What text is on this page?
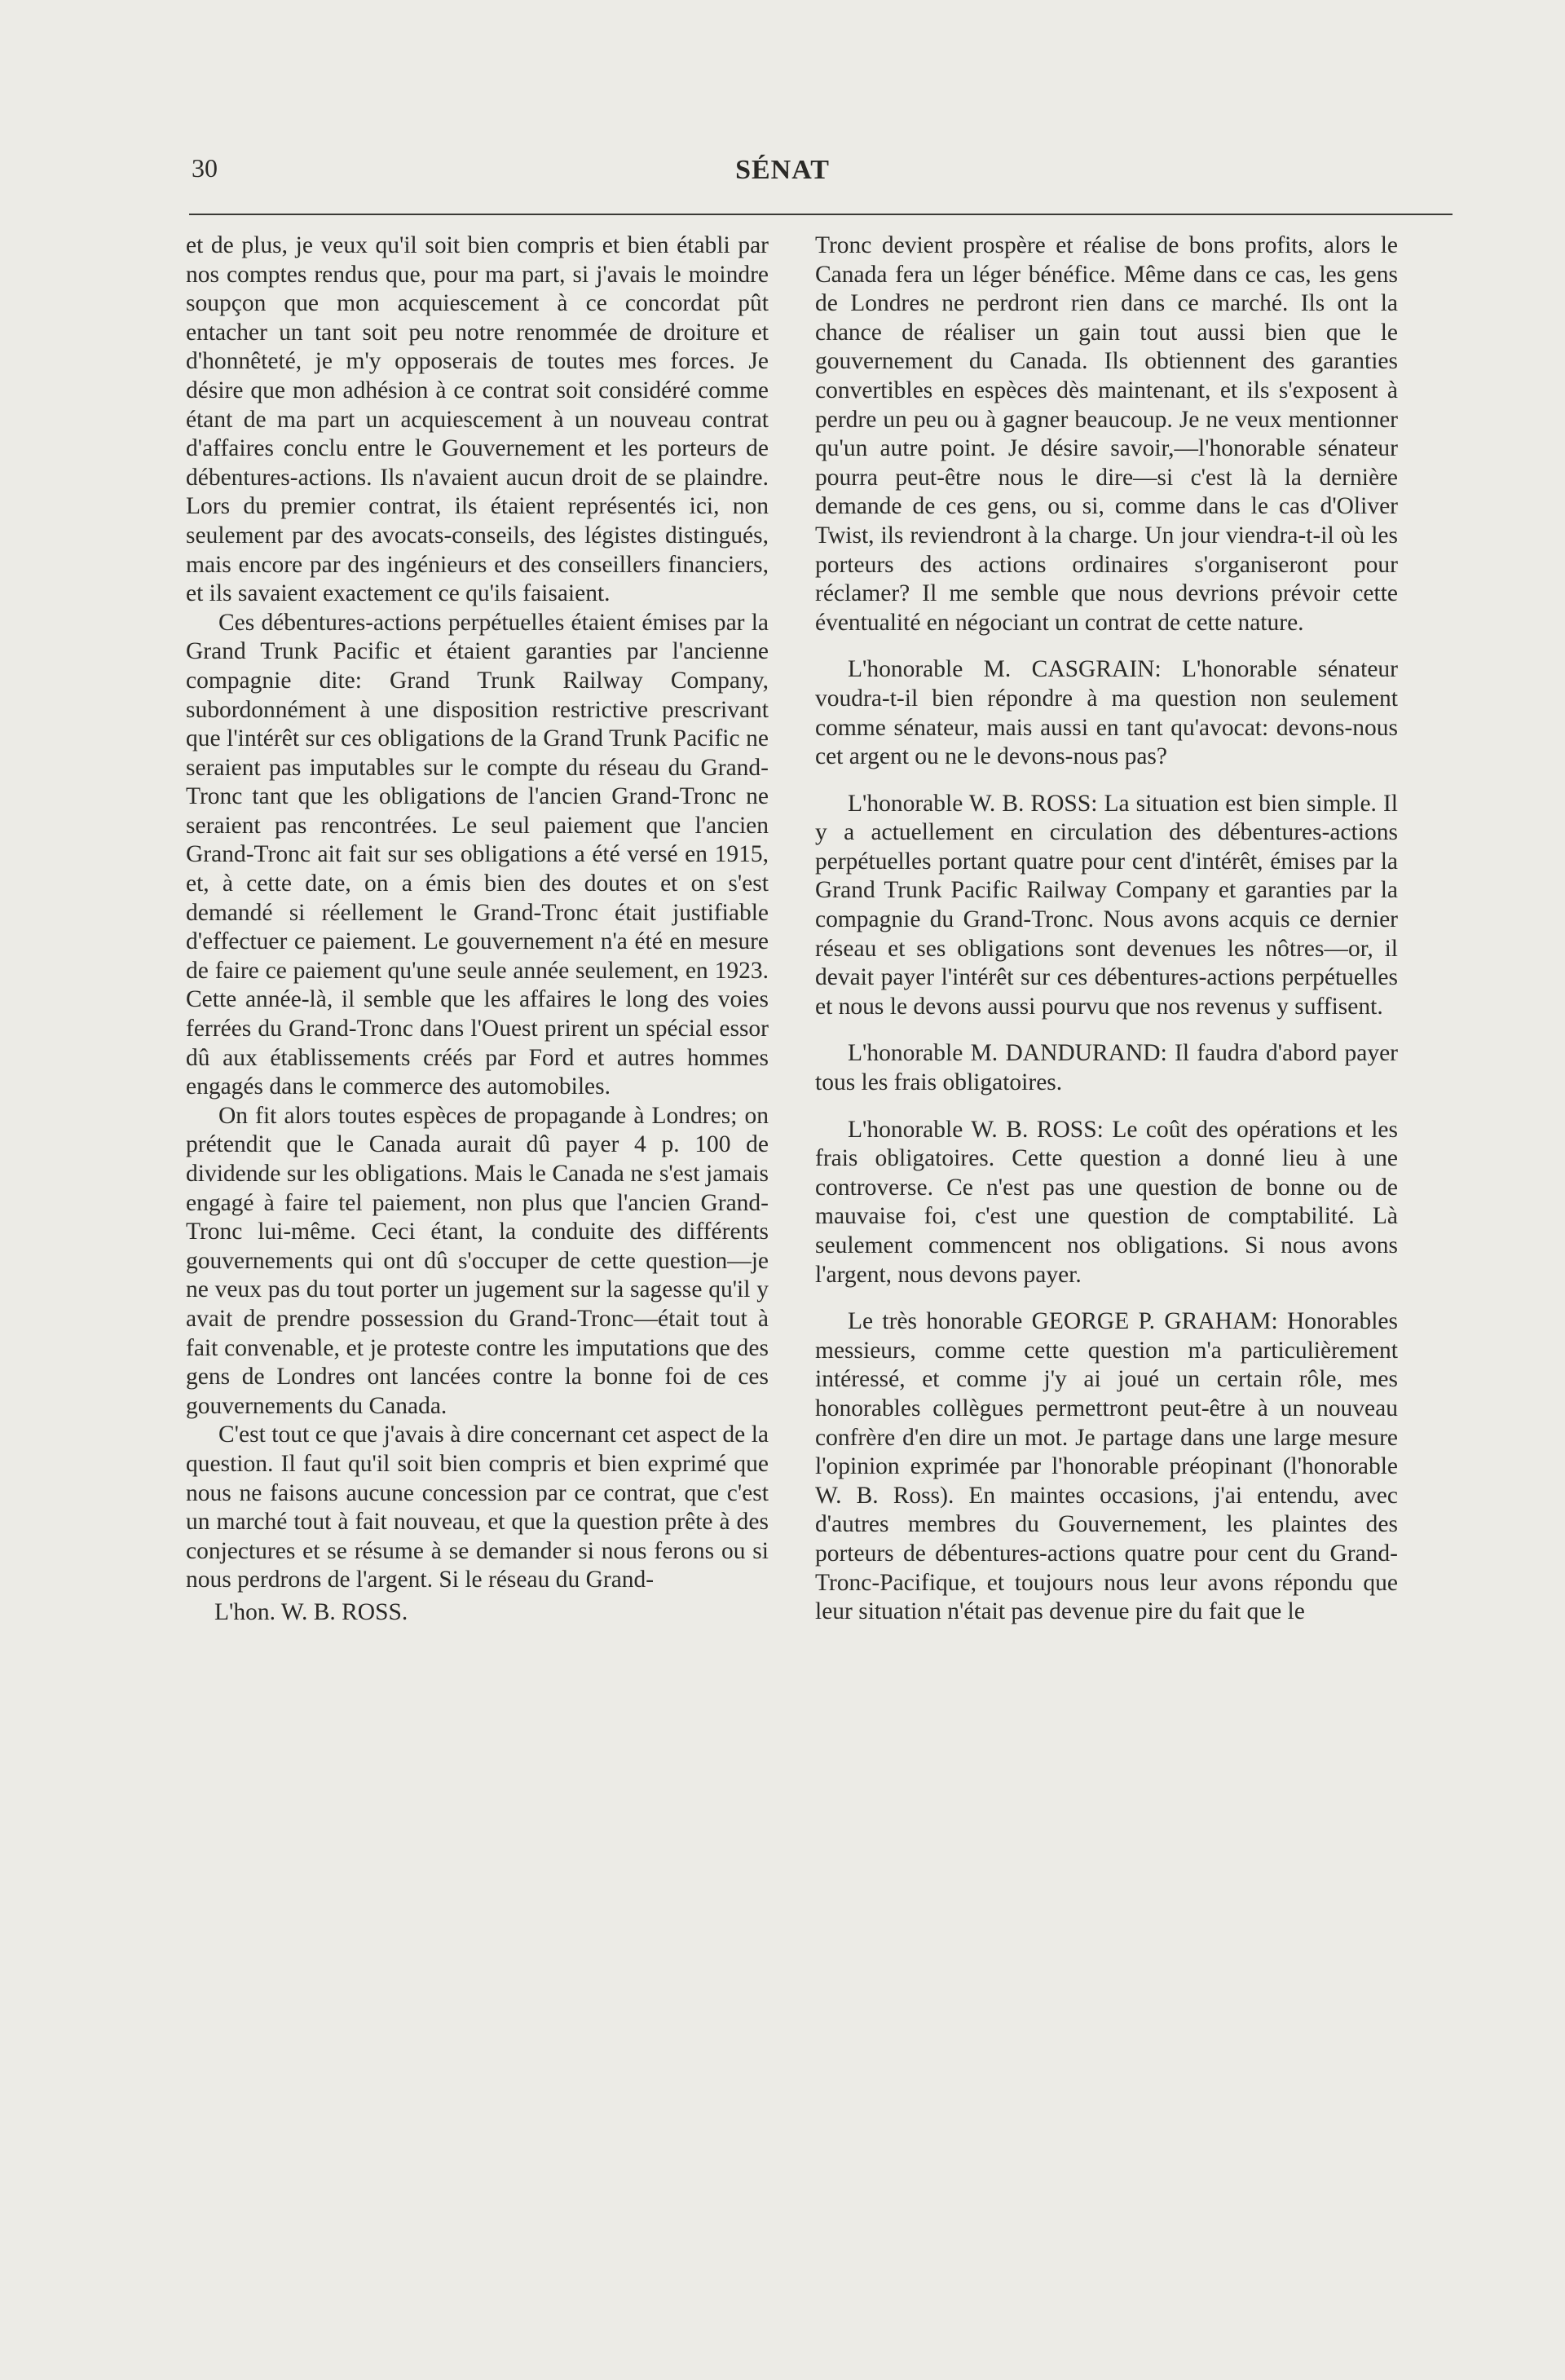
30	SÉNAT

et de plus, je veux qu'il soit bien compris et bien établi par nos comptes rendus que, pour ma part, si j'avais le moindre soupçon que mon acquiescement à ce concordat pût entacher un tant soit peu notre renommée de droiture et d'honnêteté, je m'y opposerais de toutes mes forces. Je désire que mon adhésion à ce contrat soit considéré comme étant de ma part un acquiescement à un nouveau contrat d'affaires conclu entre le Gouvernement et les porteurs de débentures-actions. Ils n'avaient aucun droit de se plaindre. Lors du premier contrat, ils étaient représentés ici, non seulement par des avocats-conseils, des légistes distingués, mais encore par des ingénieurs et des conseillers financiers, et ils savaient exactement ce qu'ils faisaient.

Ces débentures-actions perpétuelles étaient émises par la Grand Trunk Pacific et étaient garanties par l'ancienne compagnie dite: Grand Trunk Railway Company, subordonnément à une disposition restrictive prescrivant que l'intérêt sur ces obligations de la Grand Trunk Pacific ne seraient pas imputables sur le compte du réseau du Grand-Tronc tant que les obligations de l'ancien Grand-Tronc ne seraient pas rencontrées. Le seul paiement que l'ancien Grand-Tronc ait fait sur ses obligations a été versé en 1915, et, à cette date, on a émis bien des doutes et on s'est demandé si réellement le Grand-Tronc était justifiable d'effectuer ce paiement. Le gouvernement n'a été en mesure de faire ce paiement qu'une seule année seulement, en 1923. Cette année-là, il semble que les affaires le long des voies ferrées du Grand-Tronc dans l'Ouest prirent un spécial essor dû aux établissements créés par Ford et autres hommes engagés dans le commerce des automobiles.

On fit alors toutes espèces de propagande à Londres; on prétendit que le Canada aurait dû payer 4 p. 100 de dividende sur les obligations. Mais le Canada ne s'est jamais engagé à faire tel paiement, non plus que l'ancien Grand-Tronc lui-même. Ceci étant, la conduite des différents gouvernements qui ont dû s'occuper de cette question—je ne veux pas du tout porter un jugement sur la sagesse qu'il y avait de prendre possession du Grand-Tronc—était tout à fait convenable, et je proteste contre les imputations que des gens de Londres ont lancées contre la bonne foi de ces gouvernements du Canada.

C'est tout ce que j'avais à dire concernant cet aspect de la question. Il faut qu'il soit bien compris et bien exprimé que nous ne faisons aucune concession par ce contrat, que c'est un marché tout à fait nouveau, et que la question prête à des conjectures et se résume à se demander si nous ferons ou si nous perdrons de l'argent. Si le réseau du Grand-

L'hon. W. B. ROSS.

Tronc devient prospère et réalise de bons profits, alors le Canada fera un léger bénéfice. Même dans ce cas, les gens de Londres ne perdront rien dans ce marché. Ils ont la chance de réaliser un gain tout aussi bien que le gouvernement du Canada. Ils obtiennent des garanties convertibles en espèces dès maintenant, et ils s'exposent à perdre un peu ou à gagner beaucoup. Je ne veux mentionner qu'un autre point. Je désire savoir,—l'honorable sénateur pourra peut-être nous le dire—si c'est là la dernière demande de ces gens, ou si, comme dans le cas d'Oliver Twist, ils reviendront à la charge. Un jour viendra-t-il où les porteurs des actions ordinaires s'organiseront pour réclamer? Il me semble que nous devrions prévoir cette éventualité en négociant un contrat de cette nature.

L'honorable M. CASGRAIN: L'honorable sénateur voudra-t-il bien répondre à ma question non seulement comme sénateur, mais aussi en tant qu'avocat: devons-nous cet argent ou ne le devons-nous pas?

L'honorable W. B. ROSS: La situation est bien simple. Il y a actuellement en circulation des débentures-actions perpétuelles portant quatre pour cent d'intérêt, émises par la Grand Trunk Pacific Railway Company et garanties par la compagnie du Grand-Tronc. Nous avons acquis ce dernier réseau et ses obligations sont devenues les nôtres—or, il devait payer l'intérêt sur ces débentures-actions perpétuelles et nous le devons aussi pourvu que nos revenus y suffisent.

L'honorable M. DANDURAND: Il faudra d'abord payer tous les frais obligatoires.

L'honorable W. B. ROSS: Le coût des opérations et les frais obligatoires. Cette question a donné lieu à une controverse. Ce n'est pas une question de bonne ou de mauvaise foi, c'est une question de comptabilité. Là seulement commencent nos obligations. Si nous avons l'argent, nous devons payer.

Le très honorable GEORGE P. GRAHAM: Honorables messieurs, comme cette question m'a particulièrement intéressé, et comme j'y ai joué un certain rôle, mes honorables collègues permettront peut-être à un nouveau confrère d'en dire un mot. Je partage dans une large mesure l'opinion exprimée par l'honorable préopinant (l'honorable W. B. Ross). En maintes occasions, j'ai entendu, avec d'autres membres du Gouvernement, les plaintes des porteurs de débentures-actions quatre pour cent du Grand-Tronc-Pacifique, et toujours nous leur avons répondu que leur situation n'était pas devenue pire du fait que le
